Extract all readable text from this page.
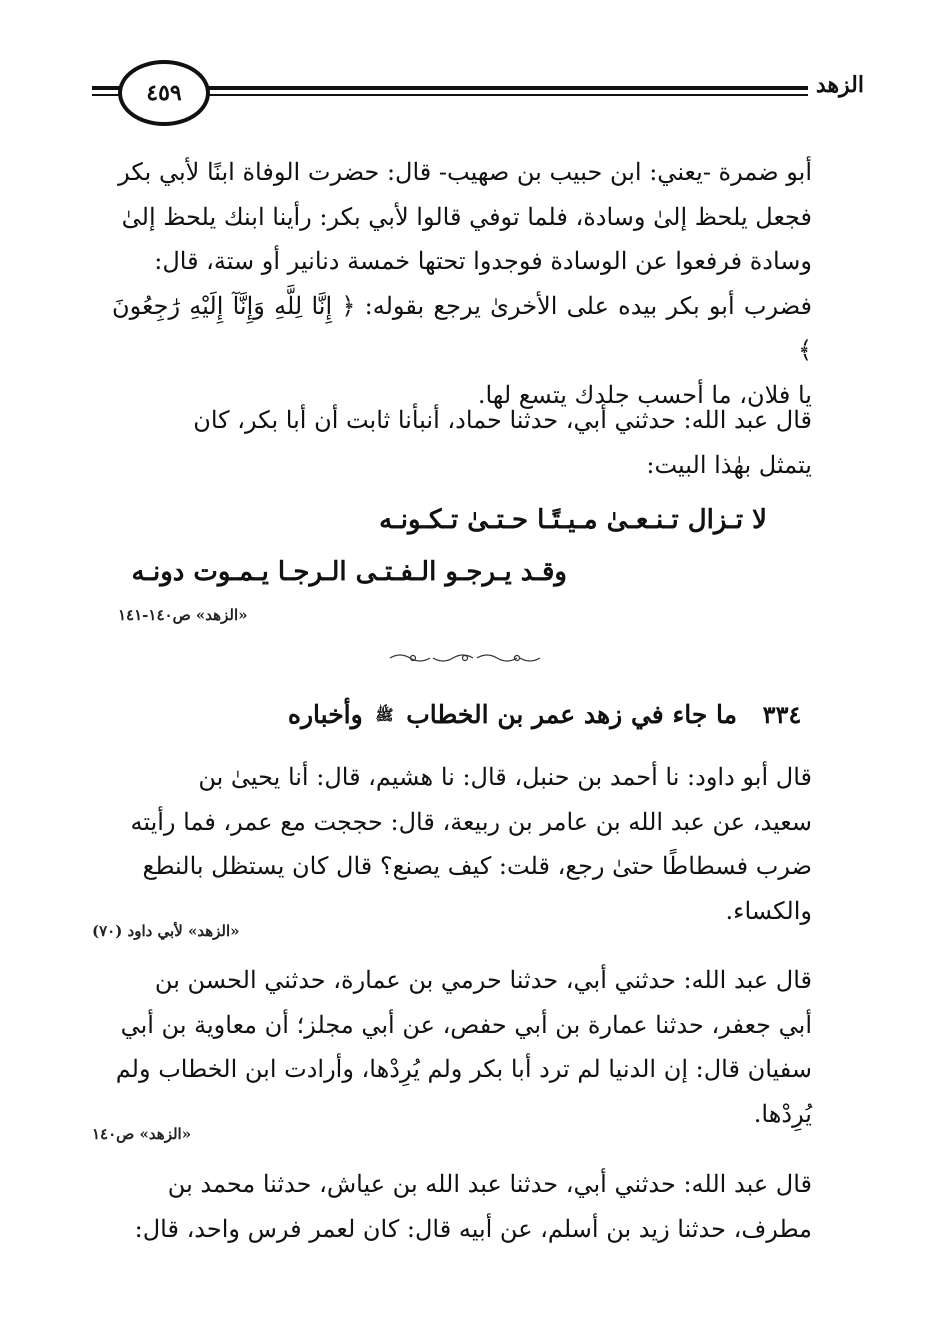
الزهد
٤٥٩

أبو ضمرة -يعني: ابن حبيب بن صهيب- قال: حضرت الوفاة ابنًا لأبي بكر

فجعل يلحظ إلىٰ وسادة، فلما توفي قالوا لأبي بكر: رأينا ابنك يلحظ إلىٰ

وسادة فرفعوا عن الوسادة فوجدوا تحتها خمسة دنانير أو ستة، قال:

فضرب أبو بكر بيده على الأخرىٰ يرجع بقوله: ﴿ إِنَّا لِلَّهِ وَإِنَّآ إِلَيْهِ رَٰجِعُونَ ﴾

يا فلان، ما أحسب جلدك يتسع لها.

قال عبد الله: حدثني أبي، حدثنا حماد، أنبأنا ثابت أن أبا بكر، كان

يتمثل بهٰذا البيت:

لا تـزال تـنـعـىٰ مـيـتًـا حـتـىٰ تـكـونـه
وقـد يـرجـو الـفـتـى الـرجـا يـمـوت دونـه
«الزهد» ص١٤٠-١٤١
٣٣٤
ما جاء في زهد عمر بن الخطاب ﷺ وأخباره

قال أبو داود: نا أحمد بن حنبل، قال: نا هشيم، قال: أنا يحيىٰ بن

سعيد، عن عبد الله بن عامر بن ربيعة، قال: حججت مع عمر، فما رأيته

ضرب فسطاطًا حتىٰ رجع، قلت: كيف يصنع؟ قال كان يستظل بالنطع

والكساء.

«الزهد» لأبي داود (٧٠)

قال عبد الله: حدثني أبي، حدثنا حرمي بن عمارة، حدثني الحسن بن

أبي جعفر، حدثنا عمارة بن أبي حفص، عن أبي مجلز؛ أن معاوية بن أبي

سفيان قال: إن الدنيا لم ترد أبا بكر ولم يُرِدْها، وأرادت ابن الخطاب ولم

يُرِدْها.

«الزهد» ص١٤٠

قال عبد الله: حدثني أبي، حدثنا عبد الله بن عياش، حدثنا محمد بن

مطرف، حدثنا زيد بن أسلم، عن أبيه قال: كان لعمر فرس واحد، قال:
